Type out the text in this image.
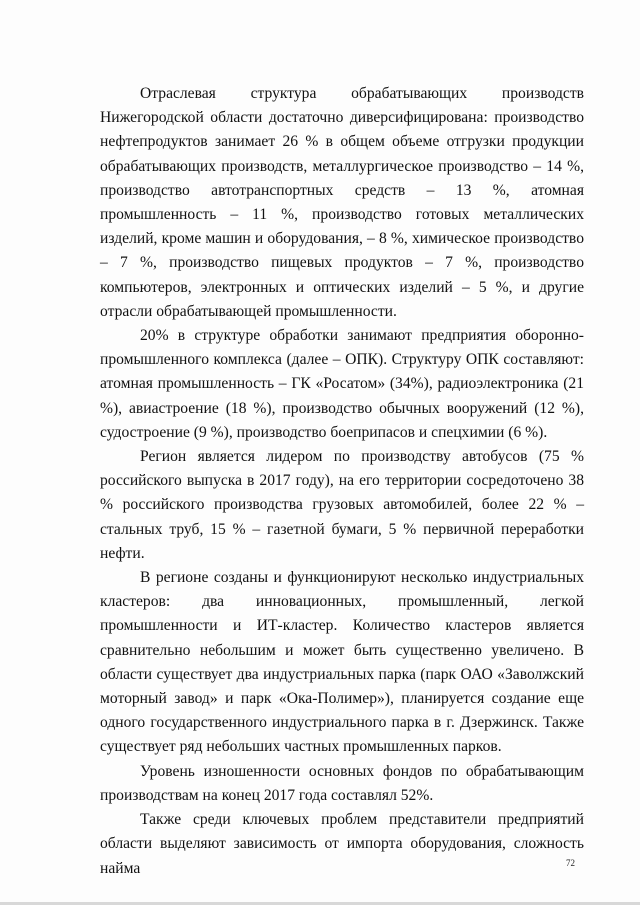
Отраслевая структура обрабатывающих производств Нижегородской области достаточно диверсифицирована: производство нефтепродуктов занимает 26 % в общем объеме отгрузки продукции обрабатывающих производств, металлургическое производство – 14 %, производство автотранспортных средств – 13 %, атомная промышленность – 11 %, производство готовых металлических изделий, кроме машин и оборудования, – 8 %, химическое производство – 7 %, производство пищевых продуктов – 7 %, производство компьютеров, электронных и оптических изделий – 5 %, и другие отрасли обрабатывающей промышленности.

20% в структуре обработки занимают предприятия оборонно-промышленного комплекса (далее – ОПК). Структуру ОПК составляют: атомная промышленность – ГК «Росатом» (34%), радиоэлектроника (21 %), авиастроение (18 %), производство обычных вооружений (12 %), судостроение (9 %), производство боеприпасов и спецхимии (6 %).

Регион является лидером по производству автобусов (75 % российского выпуска в 2017 году), на его территории сосредоточено 38 % российского производства грузовых автомобилей, более 22 % – стальных труб, 15 % – газетной бумаги, 5 % первичной переработки нефти.

В регионе созданы и функционируют несколько индустриальных кластеров: два инновационных, промышленный, легкой промышленности и ИТ-кластер. Количество кластеров является сравнительно небольшим и может быть существенно увеличено. В области существует два индустриальных парка (парк ОАО «Заволжский моторный завод» и парк «Ока-Полимер»), планируется создание еще одного государственного индустриального парка в г. Дзержинск. Также существует ряд небольших частных промышленных парков.

Уровень изношенности основных фондов по обрабатывающим производствам на конец 2017 года составлял 52%.

Также среди ключевых проблем представители предприятий области выделяют зависимость от импорта оборудования, сложность найма	72
